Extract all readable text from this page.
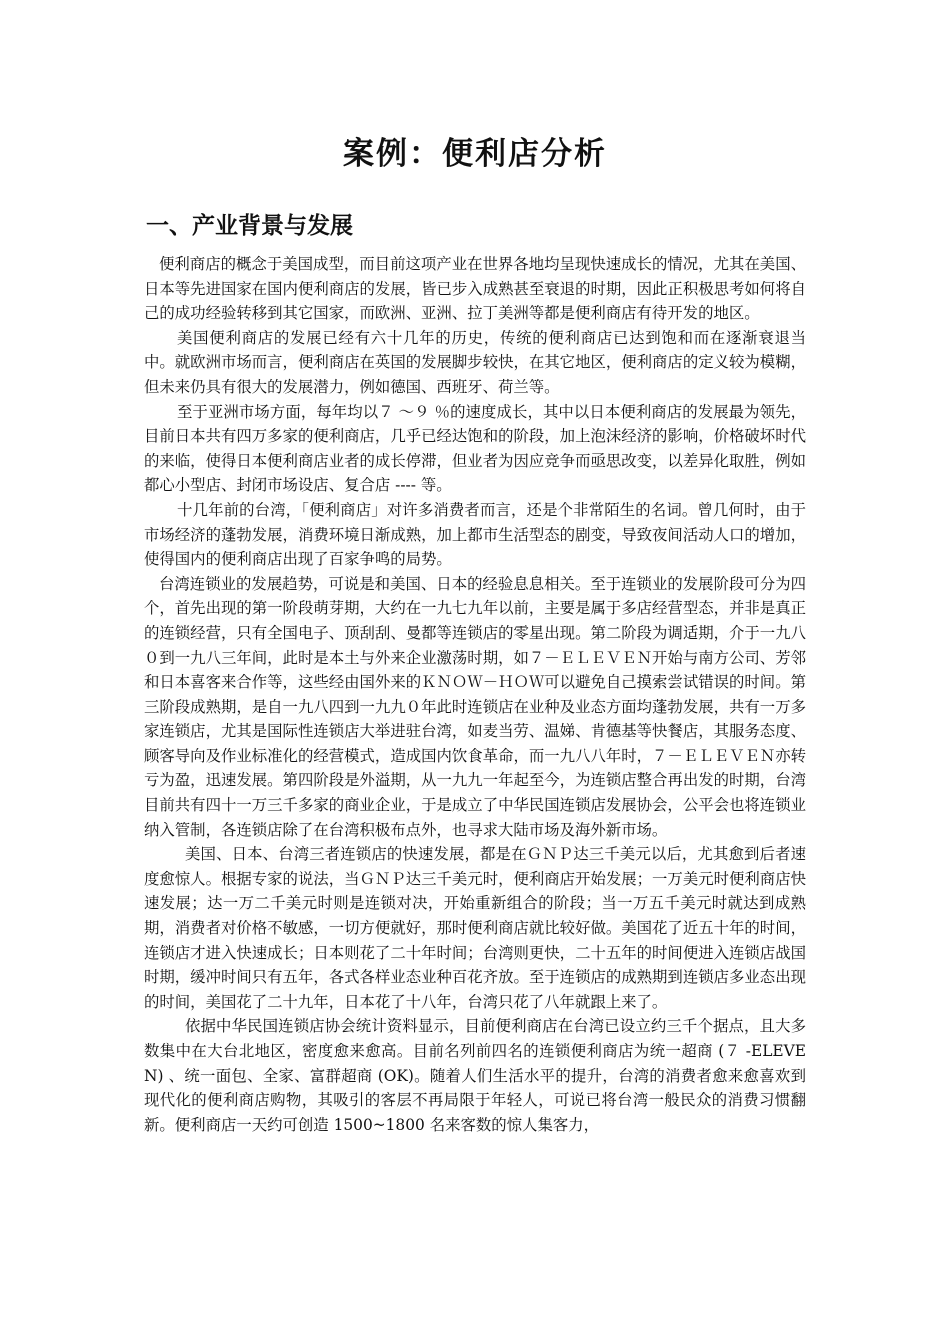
案例：便利店分析
一、产业背景与发展

便利商店的概念于美国成型，而目前这项产业在世界各地均呈现快速成长的情况，尤其在美国、日本等先进国家在国内便利商店的发展，皆已步入成熟甚至衰退的时期，因此正积极思考如何将自己的成功经验转移到其它国家，而欧洲、亚洲、拉丁美洲等都是便利商店有待开发的地区。

美国便利商店的发展已经有六十几年的历史，传统的便利商店已达到饱和而在逐渐衰退当中。就欧洲市场而言，便利商店在英国的发展脚步较快，在其它地区，便利商店的定义较为模糊，但未来仍具有很大的发展潜力，例如德国、西班牙、荷兰等。

至于亚洲市场方面，每年均以７ ～９ ％的速度成长，其中以日本便利商店的发展最为领先，目前日本共有四万多家的便利商店，几乎已经达饱和的阶段，加上泡沫经济的影响，价格破坏时代的来临，使得日本便利商店业者的成长停滞，但业者为因应竞争而亟思改变，以差异化取胜，例如都心小型店、封闭市场设店、复合店 ---- 等。

十几年前的台湾，「便利商店」对许多消费者而言，还是个非常陌生的名词。曾几何时，由于市场经济的蓬勃发展，消费环境日渐成熟，加上都市生活型态的剧变，导致夜间活动人口的增加，使得国内的便利商店出现了百家争鸣的局势。

台湾连锁业的发展趋势，可说是和美国、日本的经验息息相关。至于连锁业的发展阶段可分为四个，首先出现的第一阶段萌芽期，大约在一九七九年以前，主要是属于多店经营型态，并非是真正的连锁经营，只有全国电子、顶刮刮、曼都等连锁店的零星出现。第二阶段为调适期，介于一九八０到一九八三年间，此时是本土与外来企业激荡时期，如７－ＥＬＥＶＥＮ开始与南方公司、芳邻和日本喜客来合作等，这些经由国外来的ＫＮＯＷ－ＨＯＷ可以避免自己摸索尝试错误的时间。第三阶段成熟期，是自一九八四到一九九０年此时连锁店在业种及业态方面均蓬勃发展，共有一万多家连锁店，尤其是国际性连锁店大举进驻台湾，如麦当劳、温娣、肯德基等快餐店，其服务态度、顾客导向及作业标准化的经营模式，造成国内饮食革命，而一九八八年时，７－ＥＬＥＶＥＮ亦转亏为盈，迅速发展。第四阶段是外溢期，从一九九一年起至今，为连锁店整合再出发的时期，台湾目前共有四十一万三千多家的商业企业，于是成立了中华民国连锁店发展协会，公平会也将连锁业纳入管制，各连锁店除了在台湾积极布点外，也寻求大陆市场及海外新市场。

美国、日本、台湾三者连锁店的快速发展，都是在ＧＮＰ达三千美元以后，尤其愈到后者速度愈惊人。根据专家的说法，当ＧＮＰ达三千美元时，便利商店开始发展；一万美元时便利商店快速发展；达一万二千美元时则是连锁对决，开始重新组合的阶段；当一万五千美元时就达到成熟期，消费者对价格不敏感，一切方便就好，那时便利商店就比较好做。美国花了近五十年的时间，连锁店才进入快速成长；日本则花了二十年时间；台湾则更快，二十五年的时间便进入连锁店战国时期，缓冲时间只有五年，各式各样业态业种百花齐放。至于连锁店的成熟期到连锁店多业态出现的时间，美国花了二十九年，日本花了十八年，台湾只花了八年就跟上来了。

依据中华民国连锁店协会统计资料显示，目前便利商店在台湾已设立约三千个据点，且大多数集中在大台北地区，密度愈来愈高。目前名列前四名的连锁便利商店为统一超商 (７ -ELEVEN) 、统一面包、全家、富群超商 (OK)。随着人们生活水平的提升，台湾的消费者愈来愈喜欢到现代化的便利商店购物，其吸引的客层不再局限于年轻人，可说已将台湾一般民众的消费习惯翻新。便利商店一天约可创造 1500~1800 名来客数的惊人集客力，
